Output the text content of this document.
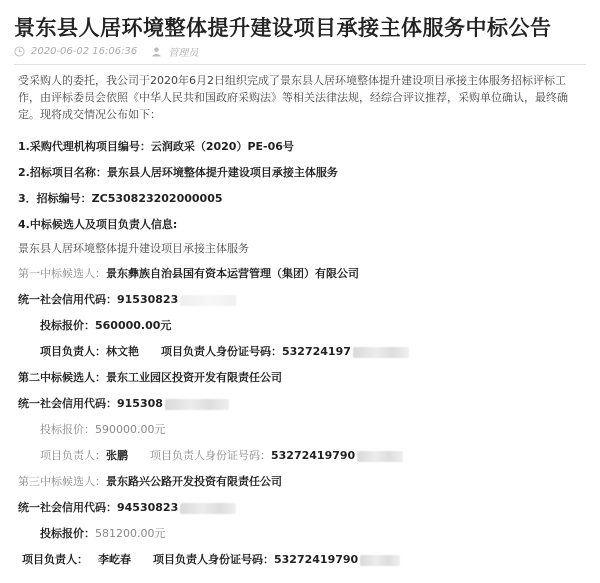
景东县人居环境整体提升建设项目承接主体服务中标公告
2020-06-02 16:06:36	管理员

受采购人的委托，我公司于2020年6月2日组织完成了景东县人居环境整体提升建设项目承接主体服务招标评标工作，由评标委员会依照《中华人民共和国政府采购法》等相关法律法规，经综合评议推荐，采购单位确认，最终确定。现将成交情况公布如下：

1.采购代理机构项目编号：云润政采（2020）PE-06号
2.招标项目名称：景东县人居环境整体提升建设项目承接主体服务
3．招标编号：ZC530823202000005
4.中标候选人及项目负责人信息:
景东县人居环境整体提升建设项目承接主体服务
第一中标候选人：景东彝族自治县国有资本运营管理（集团）有限公司
统一社会信用代码：91530823
投标报价：560000.00元
项目负责人：林文艳 项目负责人身份证号码：532724197
第二中标候选人：景东工业园区投资开发有限责任公司
统一社会信用代码：915308
投标报价：590000.00元
项目负责人：张鹏 项目负责人身份证号码：53272419790
第三中标候选人：景东路兴公路开发投资有限责任公司
统一社会信用代码：94530823
投标报价：581200.00元
项目负责人： 李屹春 项目负责人身份证号码：53272419790
